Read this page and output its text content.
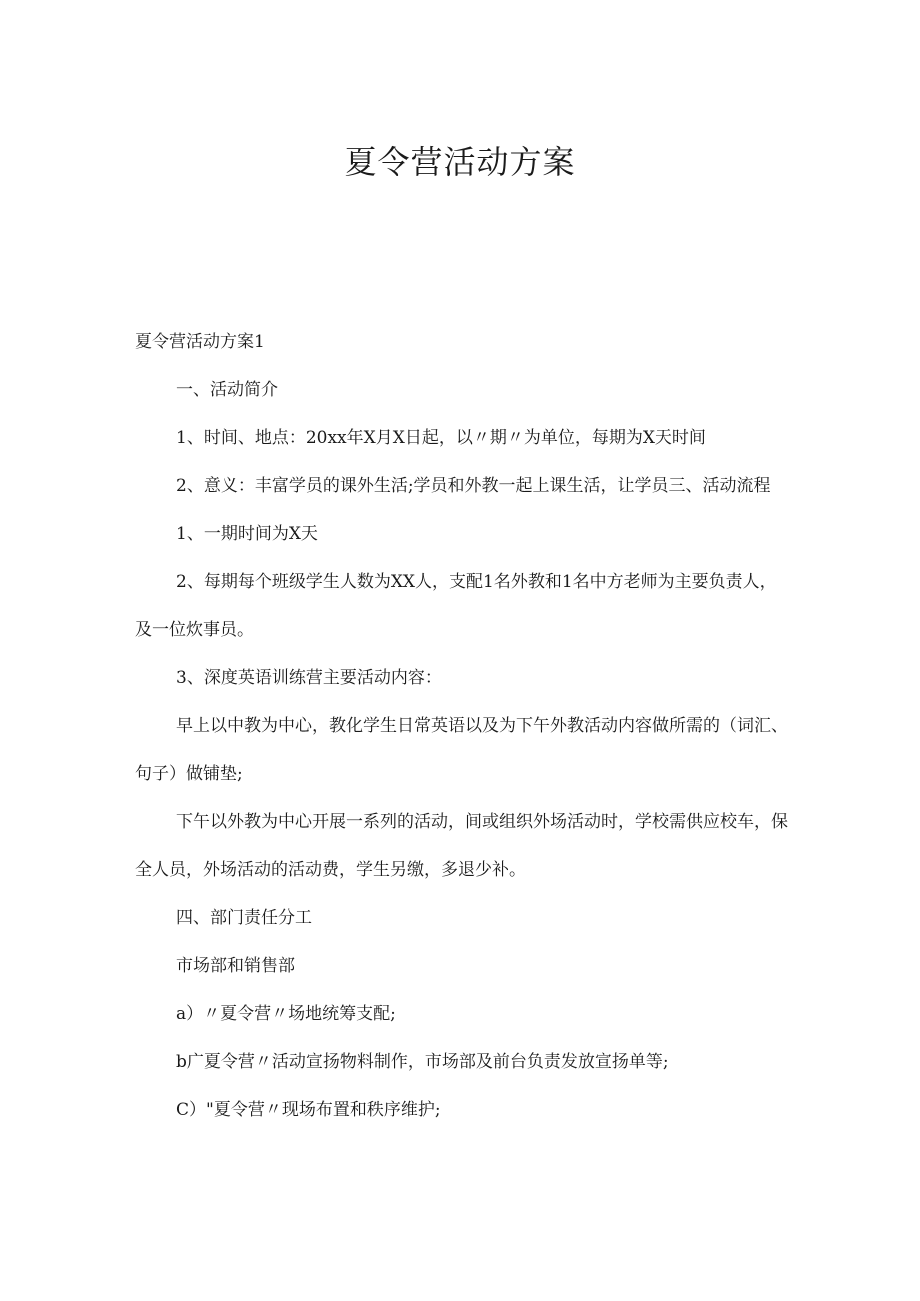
夏令营活动方案

夏令营活动方案1

一、活动简介

1、时间、地点：20xx年X月X日起，以〃期〃为单位，每期为X天时间

2、意义：丰富学员的课外生活;学员和外教一起上课生活，让学员三、活动流程

1、一期时间为X天

2、每期每个班级学生人数为XX人，支配1名外教和1名中方老师为主要负责人，及一位炊事员。

3、深度英语训练营主要活动内容：

早上以中教为中心，教化学生日常英语以及为下午外教活动内容做所需的（词汇、句子）做铺垫;

下午以外教为中心开展一系列的活动，间或组织外场活动时，学校需供应校车，保全人员，外场活动的活动费，学生另缴，多退少补。

四、部门责任分工

市场部和销售部

a）〃夏令营〃场地统筹支配;

b广夏令营〃活动宣扬物料制作，市场部及前台负责发放宣扬单等;

C）"夏令营〃现场布置和秩序维护;
